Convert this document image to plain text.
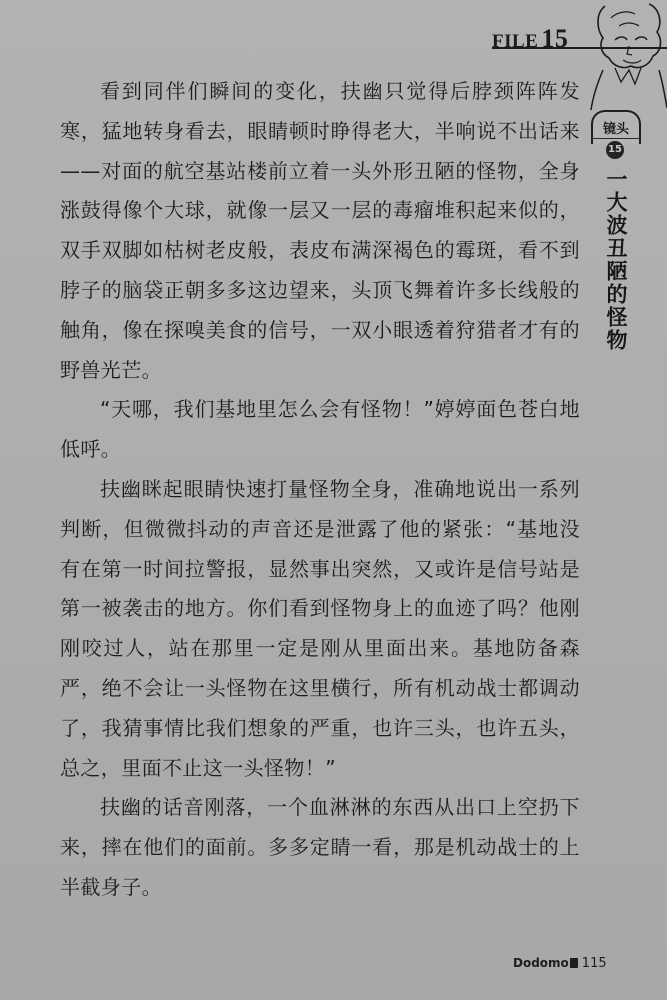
FILE 15
镜头
15
一大波丑陋的怪物

看到同伴们瞬间的变化，扶幽只觉得后脖颈阵阵发寒，猛地转身看去，眼睛顿时睁得老大，半响说不出话来——对面的航空基站楼前立着一头外形丑陋的怪物，全身涨鼓得像个大球，就像一层又一层的毒瘤堆积起来似的，双手双脚如枯树老皮般，表皮布满深褐色的霉斑，看不到脖子的脑袋正朝多多这边望来，头顶飞舞着许多长线般的触角，像在探嗅美食的信号，一双小眼透着狩猎者才有的野兽光芒。

“天哪，我们基地里怎么会有怪物！”婷婷面色苍白地低呼。

扶幽眯起眼睛快速打量怪物全身，准确地说出一系列判断，但微微抖动的声音还是泄露了他的紧张：“基地没有在第一时间拉警报，显然事出突然，又或许是信号站是第一被袭击的地方。你们看到怪物身上的血迹了吗？他刚刚咬过人，站在那里一定是刚从里面出来。基地防备森严，绝不会让一头怪物在这里横行，所有机动战士都调动了，我猜事情比我们想象的严重，也许三头，也许五头，总之，里面不止这一头怪物！”

扶幽的话音刚落，一个血淋淋的东西从出口上空扔下来，摔在他们的面前。多多定睛一看，那是机动战士的上半截身子。

Dodomo 115
